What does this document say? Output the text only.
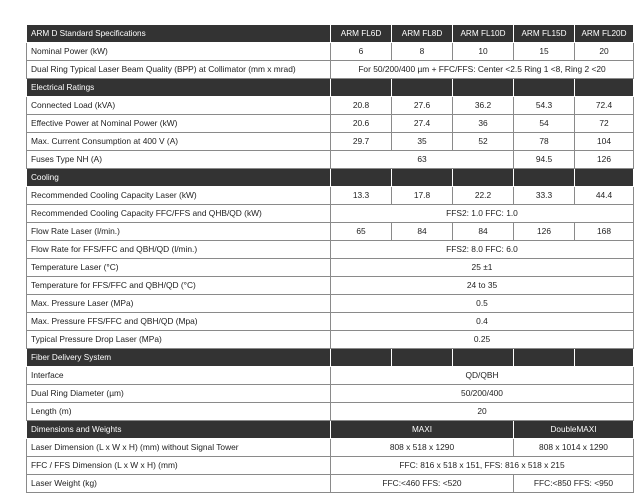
ARM D Standard Specifications	ARM FL6D	ARM FL8D	ARM FL10D	ARM FL15D	ARM FL20D
Nominal Power (kW)	6	8	10	15	20
Dual Ring Typical Laser Beam Quality (BPP) at Collimator (mm x mrad)	For 50/200/400 µm + FFC/FFS: Center <2.5 Ring 1 <8, Ring 2 <20				
Electrical Ratings					
Connected Load (kVA)	20.8	27.6	36.2	54.3	72.4
Effective Power at Nominal Power (kW)	20.6	27.4	36	54	72
Max. Current Consumption at 400 V (A)	29.7	35	52	78	104
Fuses Type NH (A)	63			94.5	126
Cooling					
Recommended Cooling Capacity Laser (kW)	13.3	17.8	22.2	33.3	44.4
Recommended Cooling Capacity FFC/FFS and QHB/QD (kW)	FFS2: 1.0 FFC: 1.0				
Flow Rate Laser (l/min.)	65	84	84	126	168
Flow Rate for FFS/FFC and QBH/QD (l/min.)	FFS2: 8.0 FFC: 6.0				
Temperature Laser (°C)	25 ±1				
Temperature for FFS/FFC and QBH/QD (°C)	24 to 35				
Max. Pressure Laser (MPa)	0.5				
Max. Pressure FFS/FFC and QBH/QD (Mpa)	0.4				
Typical Pressure Drop Laser (MPa)	0.25				
Fiber Delivery System					
Interface	QD/QBH				
Dual Ring Diameter (µm)	50/200/400				
Length (m)	20				
Dimensions and Weights	MAXI			DoubleMAXI	
Laser Dimension (L x W x H) (mm) without Signal Tower	808 x 518 x 1290			808 x 1014 x 1290	
FFC / FFS Dimension (L x W x H) (mm)	FFC: 816 x 518 x 151, FFS: 816 x 518 x 215				
Laser Weight (kg)	FFC:<460 FFS: <520			FFC:<850 FFS: <950	
